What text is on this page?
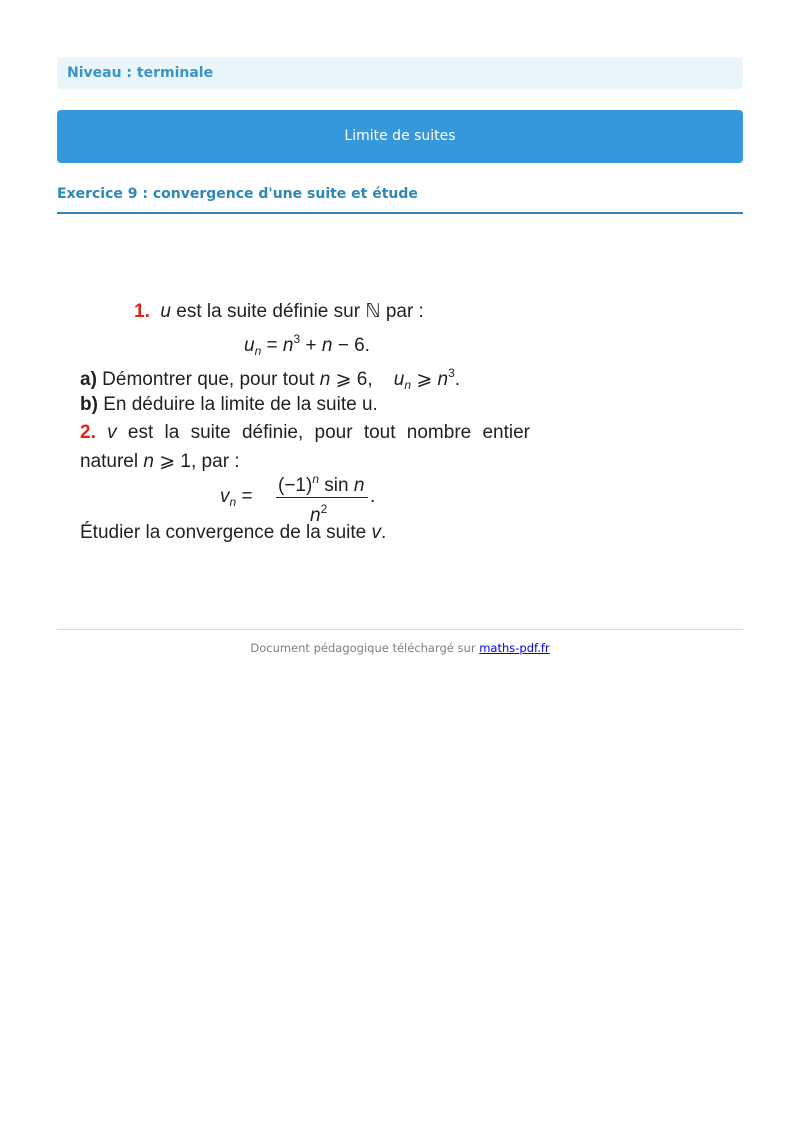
Niveau : terminale
Limite de suites
Exercice 9 : convergence d'une suite et étude
1. u est la suite définie sur ℕ par :
$u_n = n^3 + n - 6$.
a) Démontrer que, pour tout n ⩾ 6,    $u_n$ ⩾ $n^3$.
b) En déduire la limite de la suite u.
2. v est la suite définie, pour tout nombre entier
naturel n ⩾ 1, par :
$v_n$ =
$(-1)^n$ sin n
$n^2$
.
Étudier la convergence de la suite v.
Document pédagogique téléchargé sur maths-pdf.fr
